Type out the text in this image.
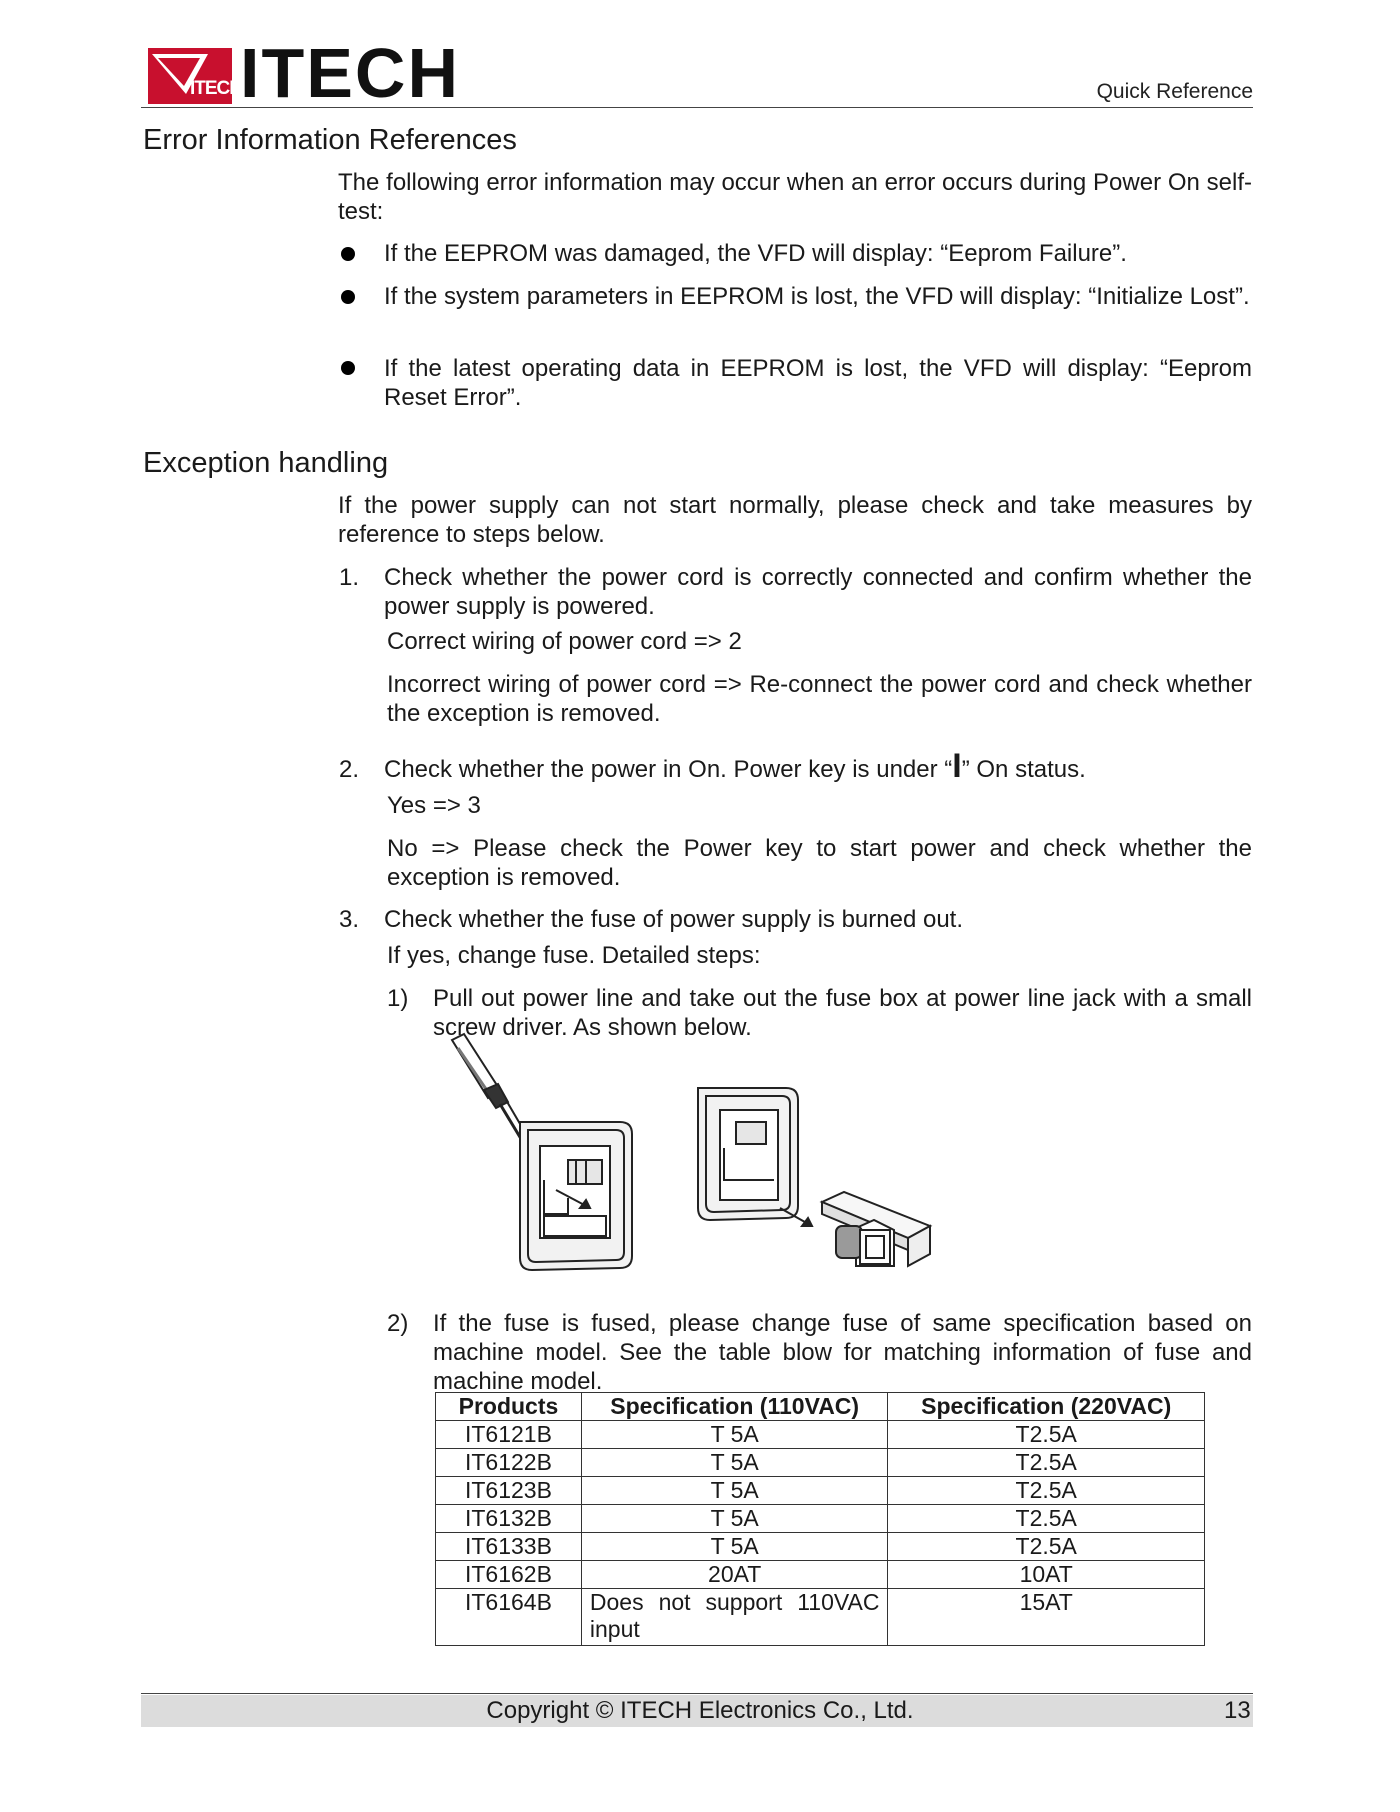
ITECH
ITECH	Quick Reference
Error Information References

The following error information may occur when an error occurs during Power On self-test:

If the EEPROM was damaged, the VFD will display: “Eeprom Failure”.

If the system parameters in EEPROM is lost, the VFD will display: “Initialize Lost”.

If the latest operating data in EEPROM is lost, the VFD will display: “Eeprom Reset Error”.

Exception handling

If the power supply can not start normally, please check and take measures by reference to steps below.

1. Check whether the power cord is correctly connected and confirm whether the power supply is powered.

Correct wiring of power cord => 2

Incorrect wiring of power cord => Re-connect the power cord and check whether the exception is removed.

2. Check whether the power in On. Power key is under “I” On status.

Yes => 3

No => Please check the Power key to start power and check whether the exception is removed.

3. Check whether the fuse of power supply is burned out.

If yes, change fuse. Detailed steps:

1) Pull out power line and take out the fuse box at power line jack with a small screw driver. As shown below.

2) If the fuse is fused, please change fuse of same specification based on machine model. See the table blow for matching information of fuse and machine model.

Products	Specification (110VAC)	Specification (220VAC)
IT6121B	T 5A	T2.5A
IT6122B	T 5A	T2.5A
IT6123B	T 5A	T2.5A
IT6132B	T 5A	T2.5A
IT6133B	T 5A	T2.5A
IT6162B	20AT	10AT
IT6164B	Does not support 110VAC input	15AT
Copyright © ITECH Electronics Co., Ltd.	13
